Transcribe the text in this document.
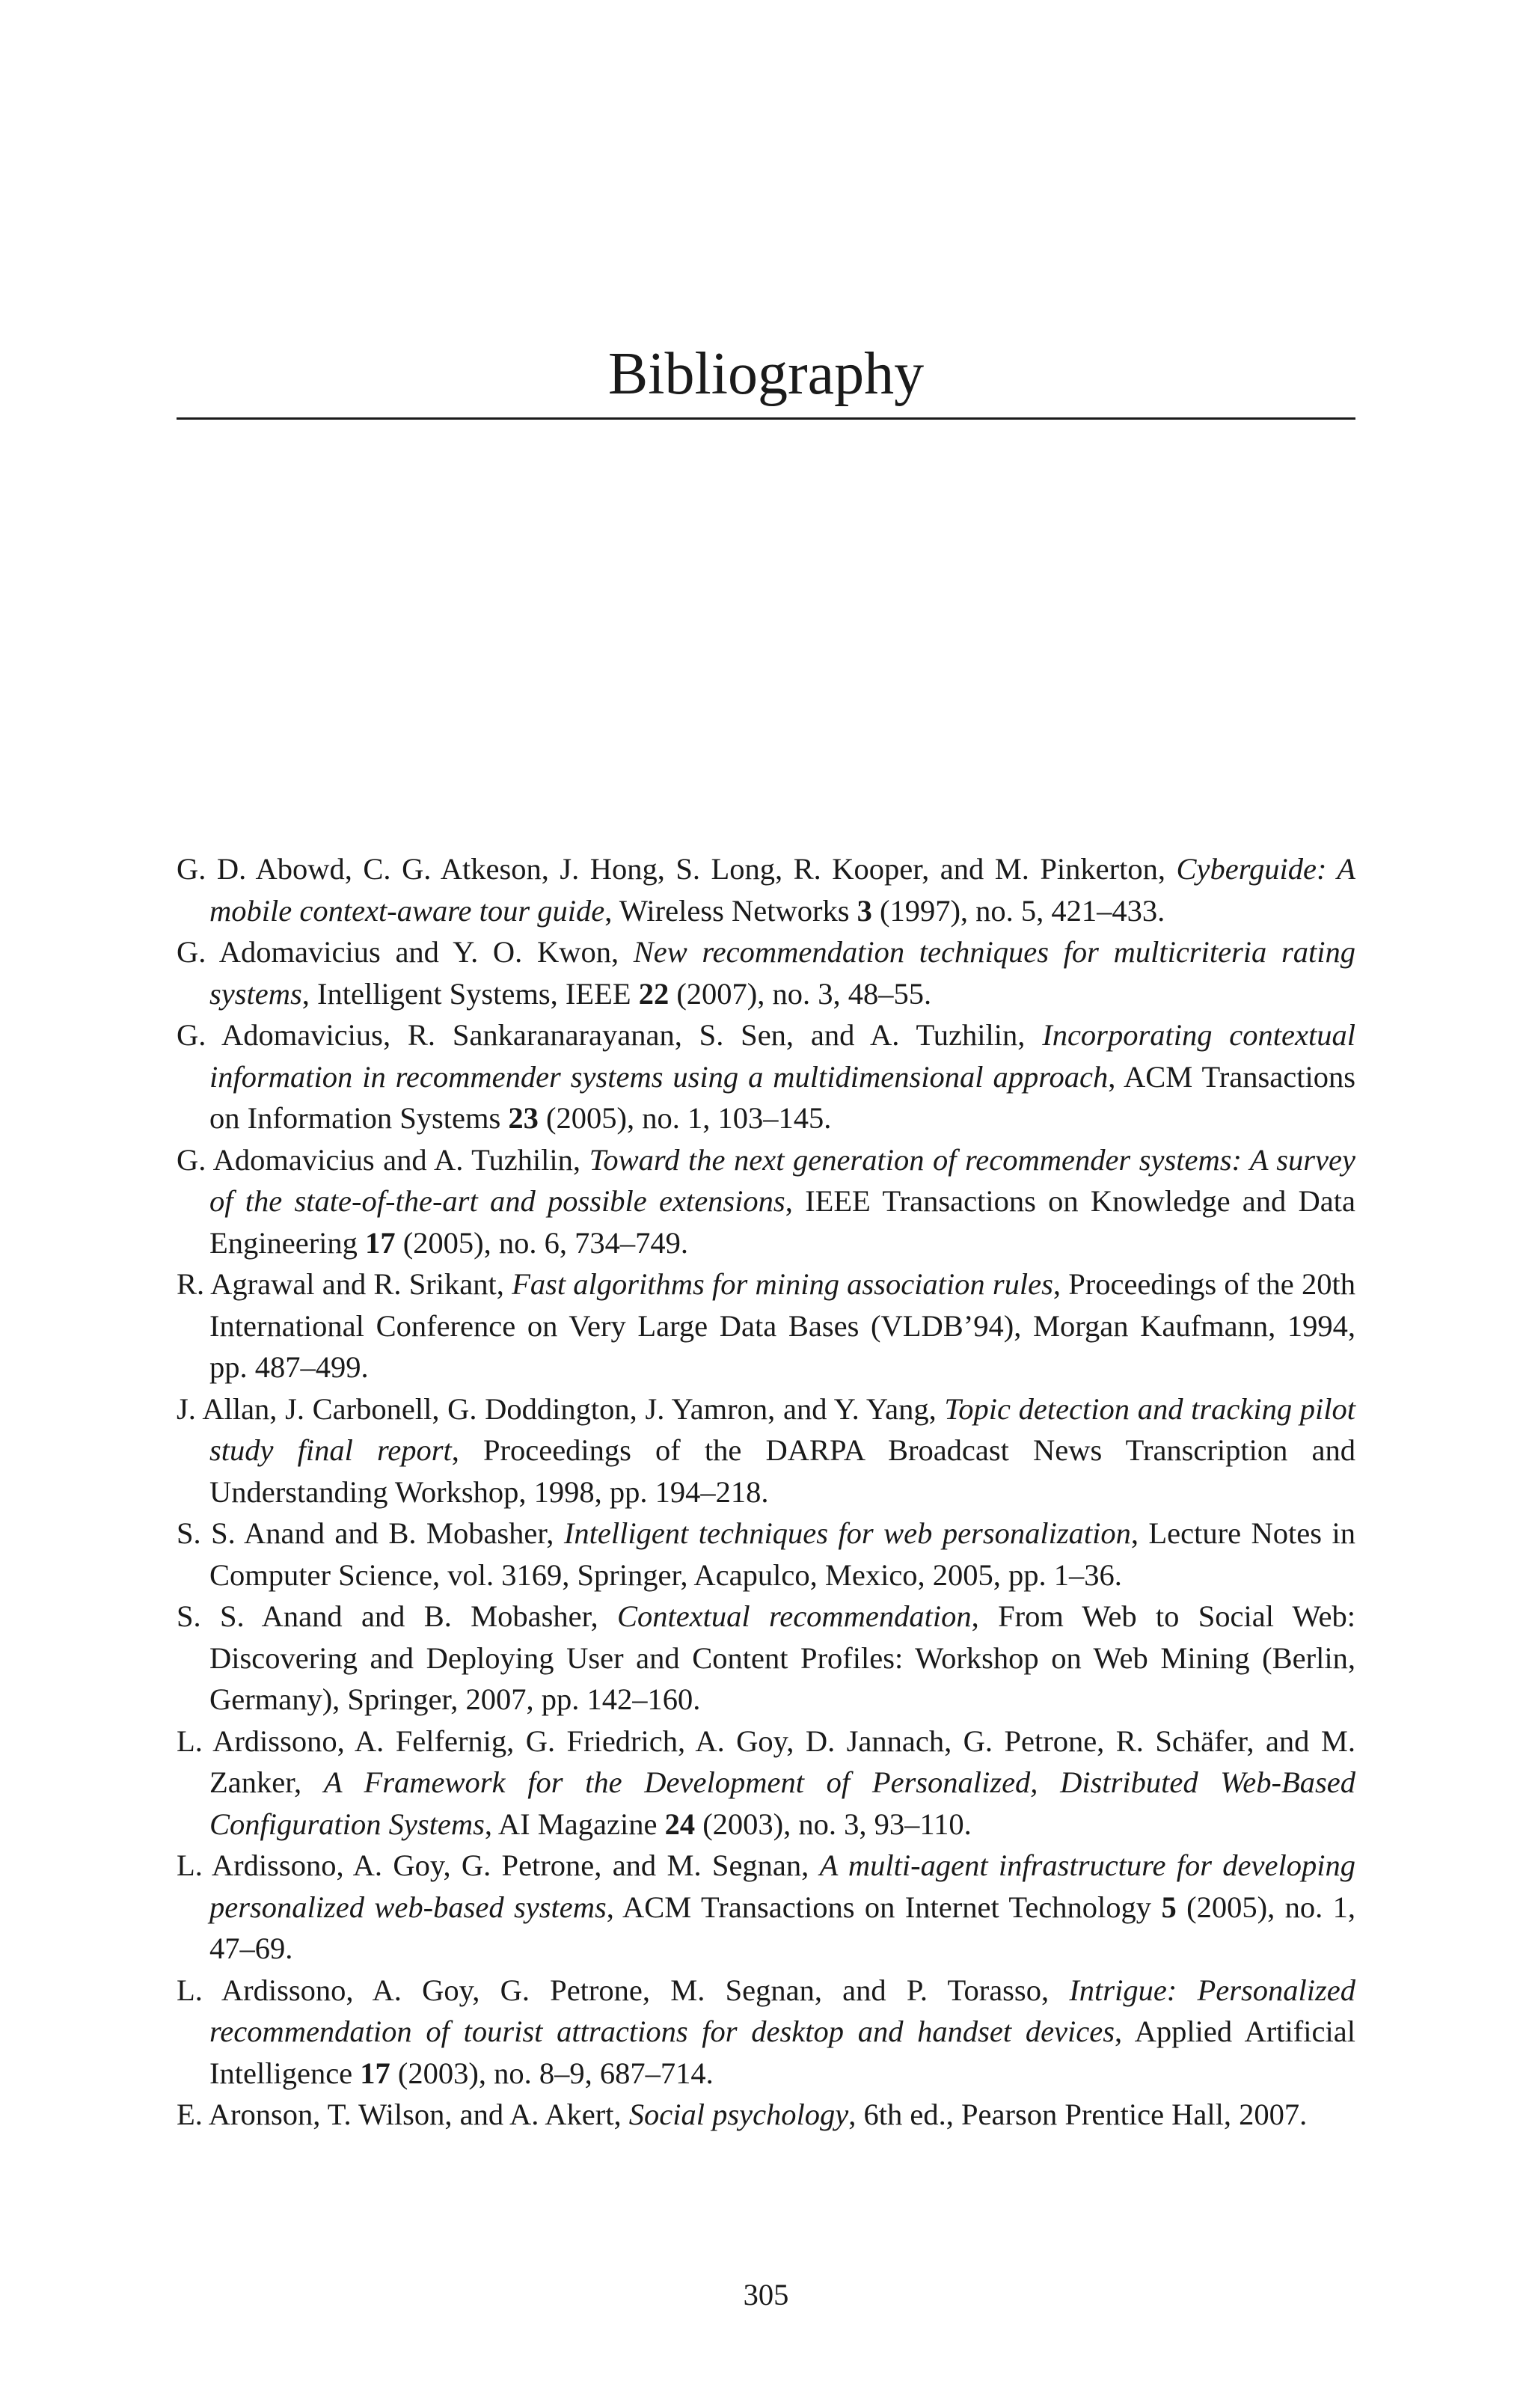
Bibliography
G. D. Abowd, C. G. Atkeson, J. Hong, S. Long, R. Kooper, and M. Pinkerton, Cyberguide: A mobile context-aware tour guide, Wireless Networks 3 (1997), no. 5, 421–433.
G. Adomavicius and Y. O. Kwon, New recommendation techniques for multicriteria rating systems, Intelligent Systems, IEEE 22 (2007), no. 3, 48–55.
G. Adomavicius, R. Sankaranarayanan, S. Sen, and A. Tuzhilin, Incorporating contextual information in recommender systems using a multidimensional approach, ACM Transactions on Information Systems 23 (2005), no. 1, 103–145.
G. Adomavicius and A. Tuzhilin, Toward the next generation of recommender systems: A survey of the state-of-the-art and possible extensions, IEEE Transactions on Knowledge and Data Engineering 17 (2005), no. 6, 734–749.
R. Agrawal and R. Srikant, Fast algorithms for mining association rules, Proceedings of the 20th International Conference on Very Large Data Bases (VLDB’94), Morgan Kaufmann, 1994, pp. 487–499.
J. Allan, J. Carbonell, G. Doddington, J. Yamron, and Y. Yang, Topic detection and tracking pilot study final report, Proceedings of the DARPA Broadcast News Transcription and Understanding Workshop, 1998, pp. 194–218.
S. S. Anand and B. Mobasher, Intelligent techniques for web personalization, Lecture Notes in Computer Science, vol. 3169, Springer, Acapulco, Mexico, 2005, pp. 1–36.
S. S. Anand and B. Mobasher, Contextual recommendation, From Web to Social Web: Discovering and Deploying User and Content Profiles: Workshop on Web Mining (Berlin, Germany), Springer, 2007, pp. 142–160.
L. Ardissono, A. Felfernig, G. Friedrich, A. Goy, D. Jannach, G. Petrone, R. Schäfer, and M. Zanker, A Framework for the Development of Personalized, Distributed Web-Based Configuration Systems, AI Magazine 24 (2003), no. 3, 93–110.
L. Ardissono, A. Goy, G. Petrone, and M. Segnan, A multi-agent infrastructure for developing personalized web-based systems, ACM Transactions on Internet Technology 5 (2005), no. 1, 47–69.
L. Ardissono, A. Goy, G. Petrone, M. Segnan, and P. Torasso, Intrigue: Personalized recommendation of tourist attractions for desktop and handset devices, Applied Artificial Intelligence 17 (2003), no. 8–9, 687–714.
E. Aronson, T. Wilson, and A. Akert, Social psychology, 6th ed., Pearson Prentice Hall, 2007.
305
